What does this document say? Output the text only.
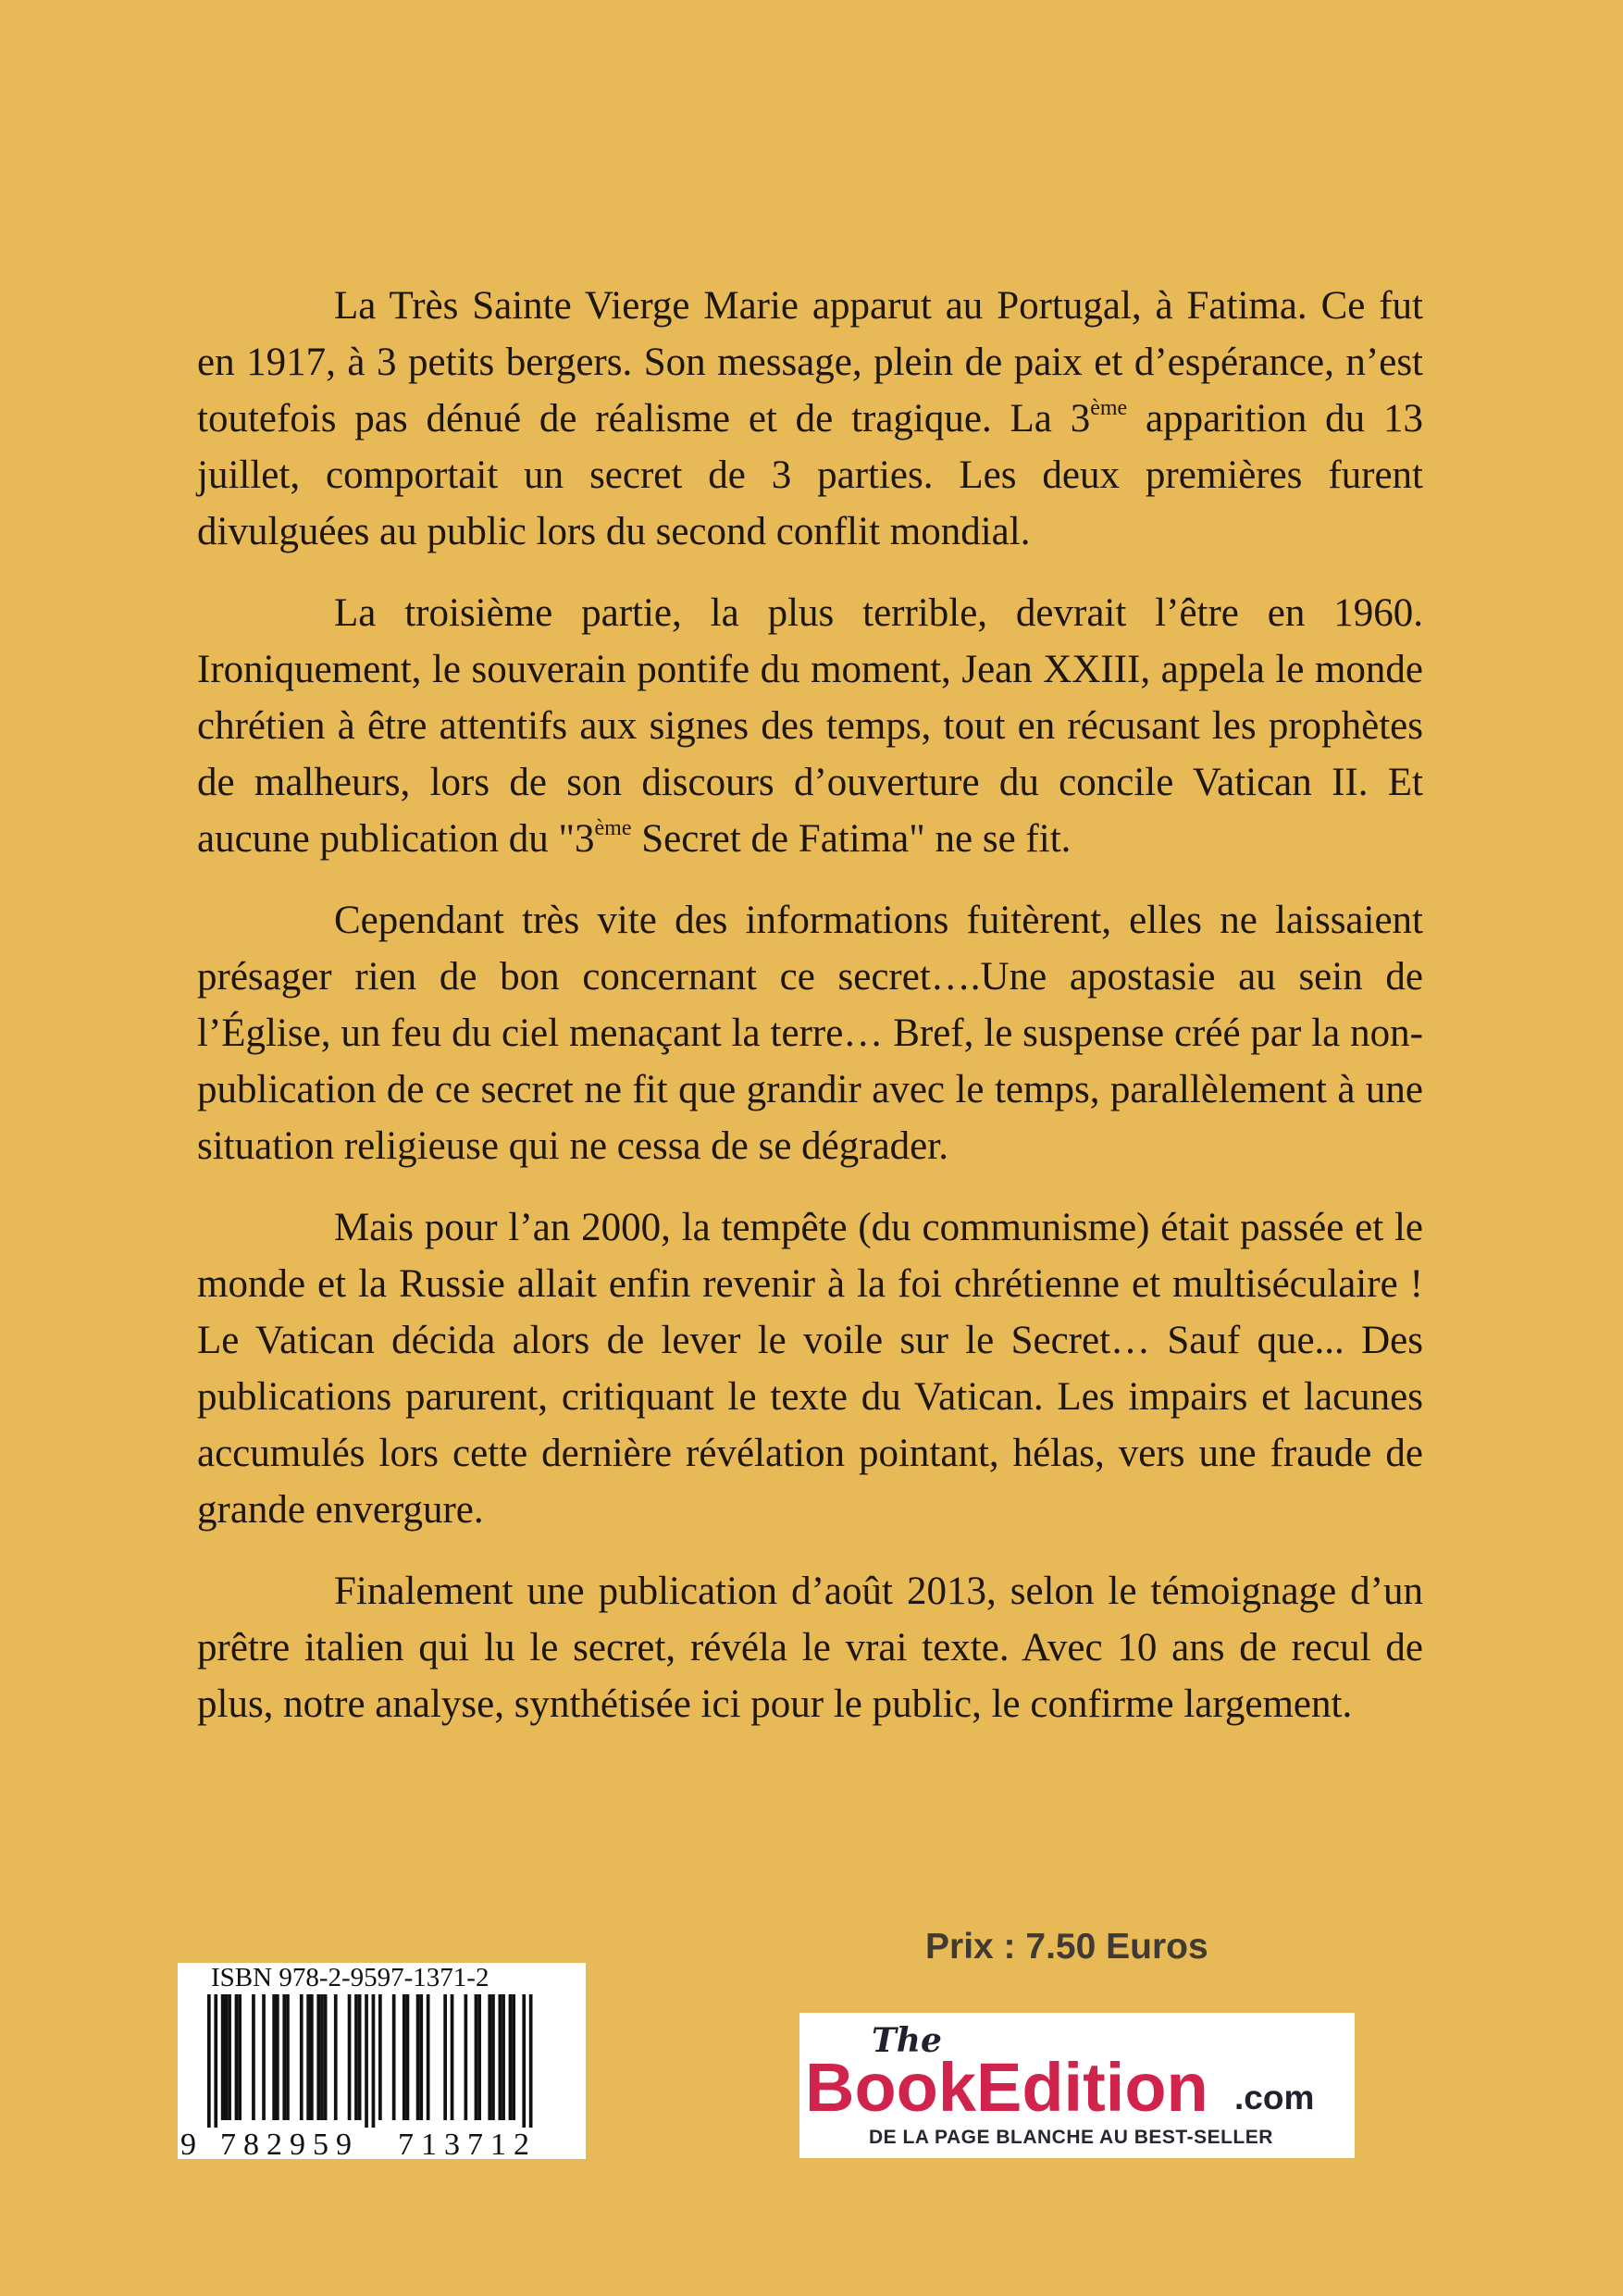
La Très Sainte Vierge Marie apparut au Portugal, à Fatima. Ce fut en 1917, à 3 petits bergers. Son message, plein de paix et d’espérance, n’est toutefois pas dénué de réalisme et de tragique. La 3ème apparition du 13 juillet, comportait un secret de 3 parties. Les deux premières furent divulguées au public lors du second conflit mondial.

La troisième partie, la plus terrible, devrait l’être en 1960. Ironiquement, le souverain pontife du moment, Jean XXIII, appela le monde chrétien à être attentifs aux signes des temps, tout en récusant les prophètes de malheurs, lors de son discours d’ouverture du concile Vatican II. Et aucune publication du "3ème Secret de Fatima" ne se fit.

Cependant très vite des informations fuitèrent, elles ne laissaient présager rien de bon concernant ce secret….Une apostasie au sein de l’Église, un feu du ciel menaçant la terre… Bref, le suspense créé par la non-publication de ce secret ne fit que grandir avec le temps, parallèlement à une situation religieuse qui ne cessa de se dégrader.

Mais pour l’an 2000, la tempête (du communisme) était passée et le monde et la Russie allait enfin revenir à la foi chrétienne et multiséculaire ! Le Vatican décida alors de lever le voile sur le Secret… Sauf que... Des publications parurent, critiquant le texte du Vatican. Les impairs et lacunes accumulés lors cette dernière révélation pointant, hélas, vers une fraude de grande envergure.

Finalement une publication d’août 2013, selon le témoignage d’un prêtre italien qui lu le secret, révéla le vrai texte. Avec 10 ans de recul de plus, notre analyse, synthétisée ici pour le public, le confirme largement.

Prix : 7.50 Euros
9 782959 713712
ISBN 978-2-9597-1371-2
The
BookEdition .com
DE LA PAGE BLANCHE AU BEST-SELLER
